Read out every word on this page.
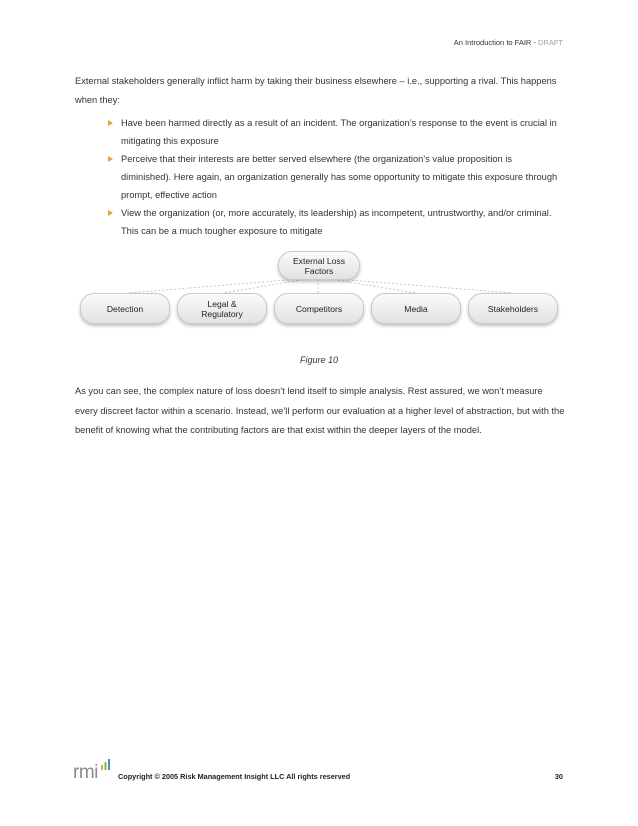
An Introduction to FAIR - DRAFT
External stakeholders generally inflict harm by taking their business elsewhere – i.e., supporting a rival. This happens when they:
Have been harmed directly as a result of an incident. The organization’s response to the event is crucial in mitigating this exposure
Perceive that their interests are better served elsewhere (the organization’s value proposition is diminished). Here again, an organization generally has some opportunity to mitigate this exposure through prompt, effective action
View the organization (or, more accurately, its leadership) as incompetent, untrustworthy, and/or criminal. This can be a much tougher exposure to mitigate
External Loss Factors
Detection	Legal & Regulatory	Competitors	Media	Stakeholders
Figure 10
As you can see, the complex nature of loss doesn’t lend itself to simple analysis. Rest assured, we won’t measure every discreet factor within a scenario. Instead, we’ll perform our evaluation at a higher level of abstraction, but with the benefit of knowing what the contributing factors are that exist within the deeper layers of the model.
rmi	Copyright © 2005 Risk Management Insight LLC All rights reserved	30
